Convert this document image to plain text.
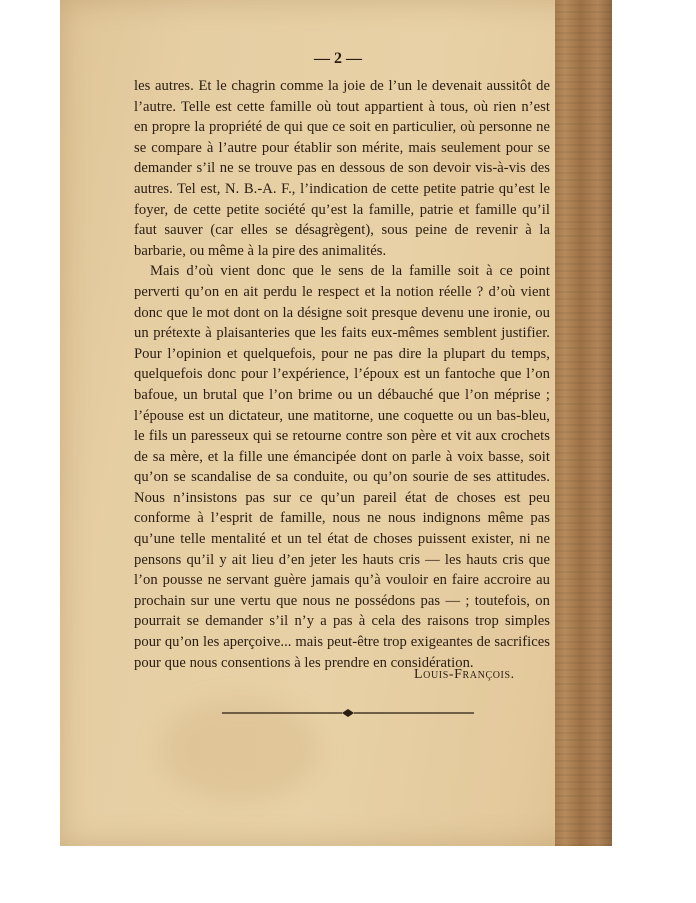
— 2 —

les autres. Et le chagrin comme la joie de l’un le devenait aussitôt de l’autre. Telle est cette famille où tout appartient à tous, où rien n’est en propre la propriété de qui que ce soit en particulier, où personne ne se compare à l’autre pour établir son mérite, mais seulement pour se demander s’il ne se trouve pas en dessous de son devoir vis-à-vis des autres. Tel est, N. B.-A. F., l’indication de cette petite patrie qu’est le foyer, de cette petite société qu’est la famille, patrie et famille qu’il faut sauver (car elles se désagrègent), sous peine de revenir à la barbarie, ou même à la pire des animalités.

Mais d’où vient donc que le sens de la famille soit à ce point perverti qu’on en ait perdu le respect et la notion réelle ? d’où vient donc que le mot dont on la désigne soit presque devenu une ironie, ou un prétexte à plaisanteries que les faits eux-mêmes semblent justifier. Pour l’opinion et quelquefois, pour ne pas dire la plupart du temps, quelquefois donc pour l’expérience, l’époux est un fantoche que l’on bafoue, un brutal que l’on brime ou un débauché que l’on méprise ; l’épouse est un dictateur, une matitorne, une coquette ou un bas-bleu, le fils un paresseux qui se retourne contre son père et vit aux crochets de sa mère, et la fille une émancipée dont on parle à voix basse, soit qu’on se scandalise de sa conduite, ou qu’on sourie de ses attitudes. Nous n’insistons pas sur ce qu’un pareil état de choses est peu conforme à l’esprit de famille, nous ne nous indignons même pas qu’une telle mentalité et un tel état de choses puissent exister, ni ne pensons qu’il y ait lieu d’en jeter les hauts cris — les hauts cris que l’on pousse ne servant guère jamais qu’à vouloir en faire accroire au prochain sur une vertu que nous ne possédons pas — ; toutefois, on pourrait se demander s’il n’y a pas à cela des raisons trop simples pour qu’on les aperçoive... mais peut-être trop exigeantes de sacrifices pour que nous consentions à les prendre en considération.

Louis-François.
